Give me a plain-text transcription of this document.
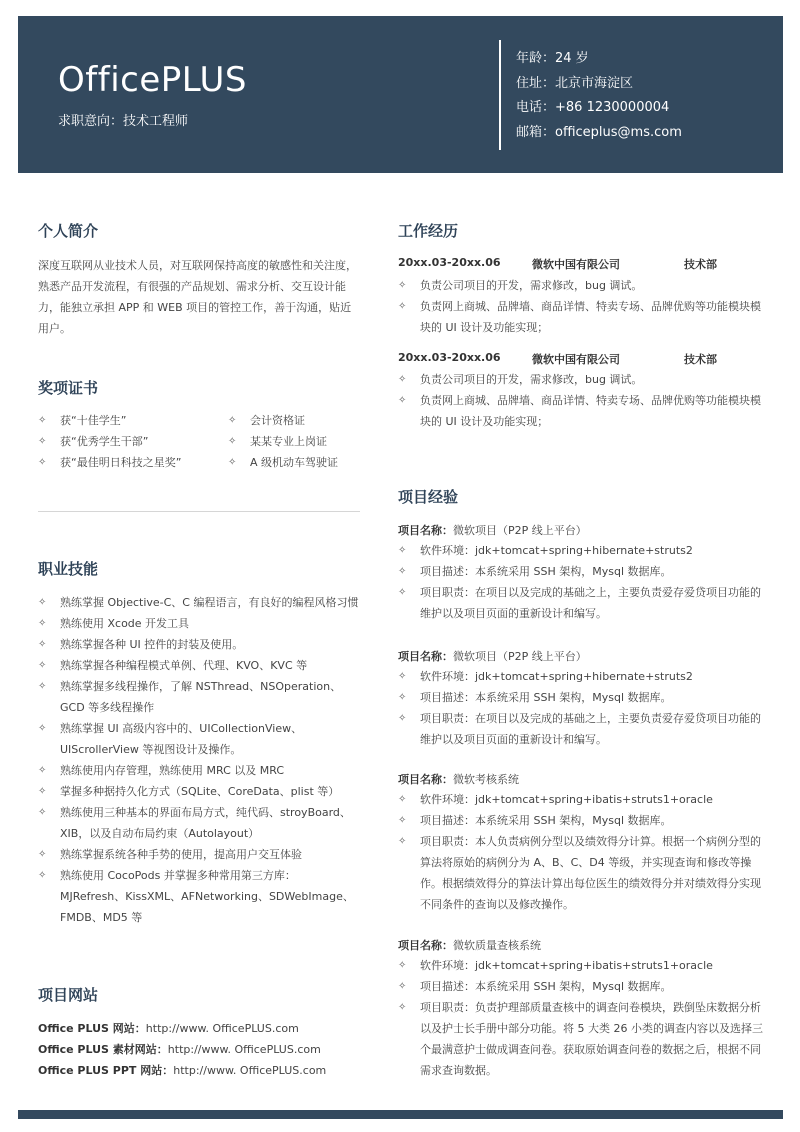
OfficePLUS
求职意向：技术工程师
年龄：24 岁
住址：北京市海淀区
电话：+86 1230000004
邮箱：officeplus@ms.com
个人简介
深度互联网从业技术人员，对互联网保持高度的敏感性和关注度，熟悉产品开发流程，有很强的产品规划、需求分析、交互设计能力，能独立承担 APP 和 WEB 项目的管控工作，善于沟通，贴近用户。
奖项证书
✧ 获“十佳学生”
✧ 获“优秀学生干部”
✧ 获“最佳明日科技之星奖”
✧ 会计资格证
✧ 某某专业上岗证
✧ A 级机动车驾驶证
职业技能
✧ 熟练掌握 Objective-C、C 编程语言，有良好的编程风格习惯
✧ 熟练使用 Xcode 开发工具
✧ 熟练掌握各种 UI 控件的封装及使用。
✧ 熟练掌握各种编程模式单例、代理、KVO、KVC 等
✧ 熟练掌握多线程操作，了解 NSThread、NSOperation、GCD 等多线程操作
✧ 熟练掌握 UI 高级内容中的、UICollectionView、UIScrollerView 等视图设计及操作。
✧ 熟练使用内存管理，熟练使用 MRC 以及 MRC
✧ 掌握多种据持久化方式（SQLite、CoreData、plist 等）
✧ 熟练使用三种基本的界面布局方式，纯代码、stroyBoard、XIB，以及自动布局约束（Autolayout）
✧ 熟练掌握系统各种手势的使用，提高用户交互体验
✧ 熟练使用 CocoPods 并掌握多种常用第三方库：MJRefresh、KissXML、AFNetworking、SDWebImage、FMDB、MD5 等
项目网站
Office PLUS 网站：http://www. OfficePLUS.com
Office PLUS 素材网站：http://www. OfficePLUS.com
Office PLUS PPT 网站：http://www. OfficePLUS.com
工作经历
20xx.03-20xx.06	微软中国有限公司	技术部
✧ 负责公司项目的开发，需求修改，bug 调试。
✧ 负责网上商城、品牌墙、商品详情、特卖专场、品牌优购等功能模块模块的 UI 设计及功能实现；
20xx.03-20xx.06	微软中国有限公司	技术部
✧ 负责公司项目的开发，需求修改，bug 调试。
✧ 负责网上商城、品牌墙、商品详情、特卖专场、品牌优购等功能模块模块的 UI 设计及功能实现；
项目经验
项目名称：微软项目（P2P 线上平台）
✧ 软件环境：jdk+tomcat+spring+hibernate+struts2
✧ 项目描述：本系统采用 SSH 架构，Mysql 数据库。
✧ 项目职责：在项目以及完成的基础之上，主要负责爱存爱贷项目功能的维护以及项目页面的重新设计和编写。
项目名称：微软项目（P2P 线上平台）
✧ 软件环境：jdk+tomcat+spring+hibernate+struts2
✧ 项目描述：本系统采用 SSH 架构，Mysql 数据库。
✧ 项目职责：在项目以及完成的基础之上，主要负责爱存爱贷项目功能的维护以及项目页面的重新设计和编写。
项目名称：微软考核系统
✧ 软件环境：jdk+tomcat+spring+ibatis+struts1+oracle
✧ 项目描述：本系统采用 SSH 架构，Mysql 数据库。
✧ 项目职责：本人负责病例分型以及绩效得分计算。根据一个病例分型的算法将原始的病例分为 A、B、C、D4 等级，并实现查询和修改等操作。根据绩效得分的算法计算出每位医生的绩效得分并对绩效得分实现不同条件的查询以及修改操作。
项目名称：微软质量查核系统
✧ 软件环境：jdk+tomcat+spring+ibatis+struts1+oracle
✧ 项目描述：本系统采用 SSH 架构，Mysql 数据库。
✧ 项目职责：负责护理部质量查核中的调查问卷模块，跌倒坠床数据分析以及护士长手册中部分功能。将 5 大类 26 小类的调查内容以及选择三个最满意护士做成调查问卷。获取原始调查问卷的数据之后，根据不同需求查询数据。
